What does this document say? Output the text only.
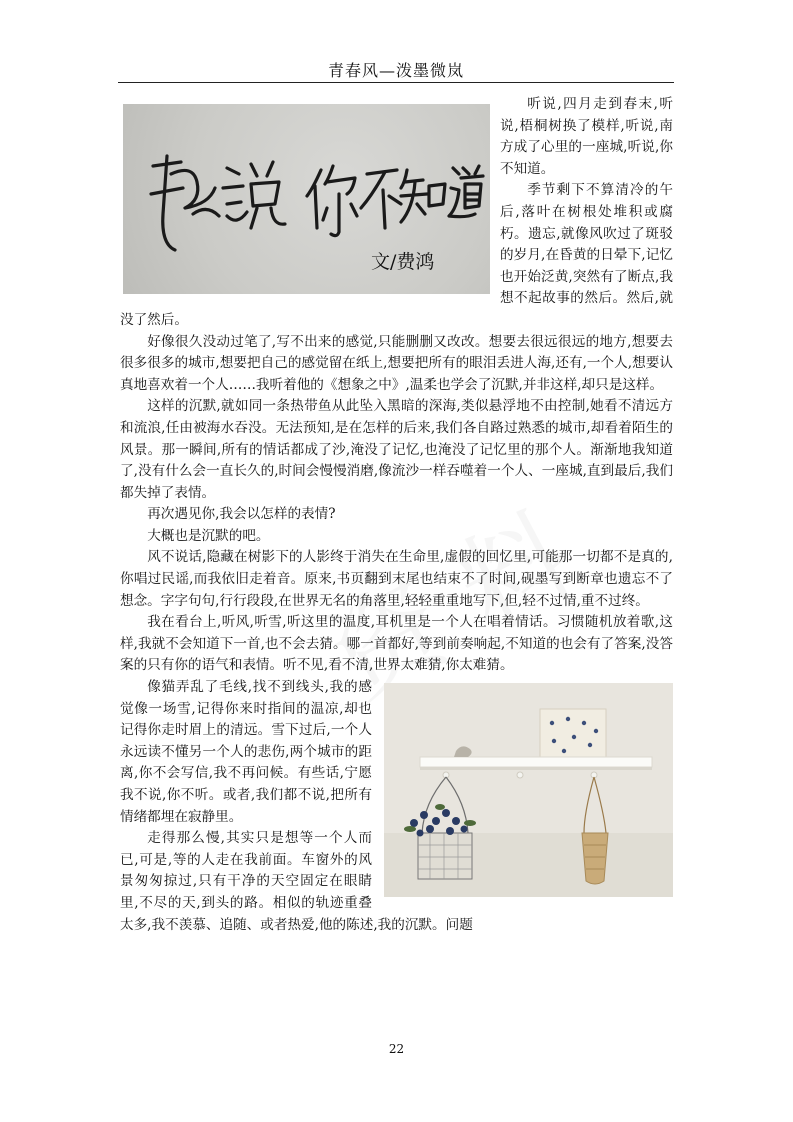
青春风—泼墨微岚
文/费鸿

听说,四月走到春末,听说,梧桐树换了模样,听说,南方成了心里的一座城,听说,你不知道。

季节剩下不算清冷的午后,落叶在树根处堆积或腐朽。遗忘,就像风吹过了斑驳的岁月,在昏黄的日晕下,记忆也开始泛黄,突然有了断点,我想不起故事的然后。然后,就没了然后。

好像很久没动过笔了,写不出来的感觉,只能删删又改改。想要去很远很远的地方,想要去很多很多的城市,想要把自己的感觉留在纸上,想要把所有的眼泪丢进人海,还有,一个人,想要认真地喜欢着一个人……我听着他的《想象之中》,温柔也学会了沉默,并非这样,却只是这样。

这样的沉默,就如同一条热带鱼从此坠入黑暗的深海,类似悬浮地不由控制,她看不清远方和流浪,任由被海水吞没。无法预知,是在怎样的后来,我们各自路过熟悉的城市,却看着陌生的风景。那一瞬间,所有的情话都成了沙,淹没了记忆,也淹没了记忆里的那个人。渐渐地我知道了,没有什么会一直长久的,时间会慢慢消磨,像流沙一样吞噬着一个人、一座城,直到最后,我们都失掉了表情。

再次遇见你,我会以怎样的表情?

大概也是沉默的吧。

风不说话,隐藏在树影下的人影终于消失在生命里,虚假的回忆里,可能那一切都不是真的,你唱过民谣,而我依旧走着音。原来,书页翻到末尾也结束不了时间,砚墨写到断章也遗忘不了想念。字字句句,行行段段,在世界无名的角落里,轻轻重重地写下,但,轻不过情,重不过终。

我在看台上,听风,听雪,听这里的温度,耳机里是一个人在唱着情话。习惯随机放着歌,这样,我就不会知道下一首,也不会去猜。哪一首都好,等到前奏响起,不知道的也会有了答案,没答案的只有你的语气和表情。听不见,看不清,世界太难猜,你太难猜。

像猫弄乱了毛线,找不到线头,我的感觉像一场雪,记得你来时指间的温凉,却也记得你走时眉上的清远。雪下过后,一个人永远读不懂另一个人的悲伤,两个城市的距离,你不会写信,我不再问候。有些话,宁愿我不说,你不听。或者,我们都不说,把所有情绪都埋在寂静里。

走得那么慢,其实只是想等一个人而已,可是,等的人走在我前面。车窗外的风景匆匆掠过,只有干净的天空固定在眼睛里,不尽的天,到头的路。相似的轨迹重叠太多,我不羡慕、追随、或者热爱,他的陈述,我的沉默。问题

22
